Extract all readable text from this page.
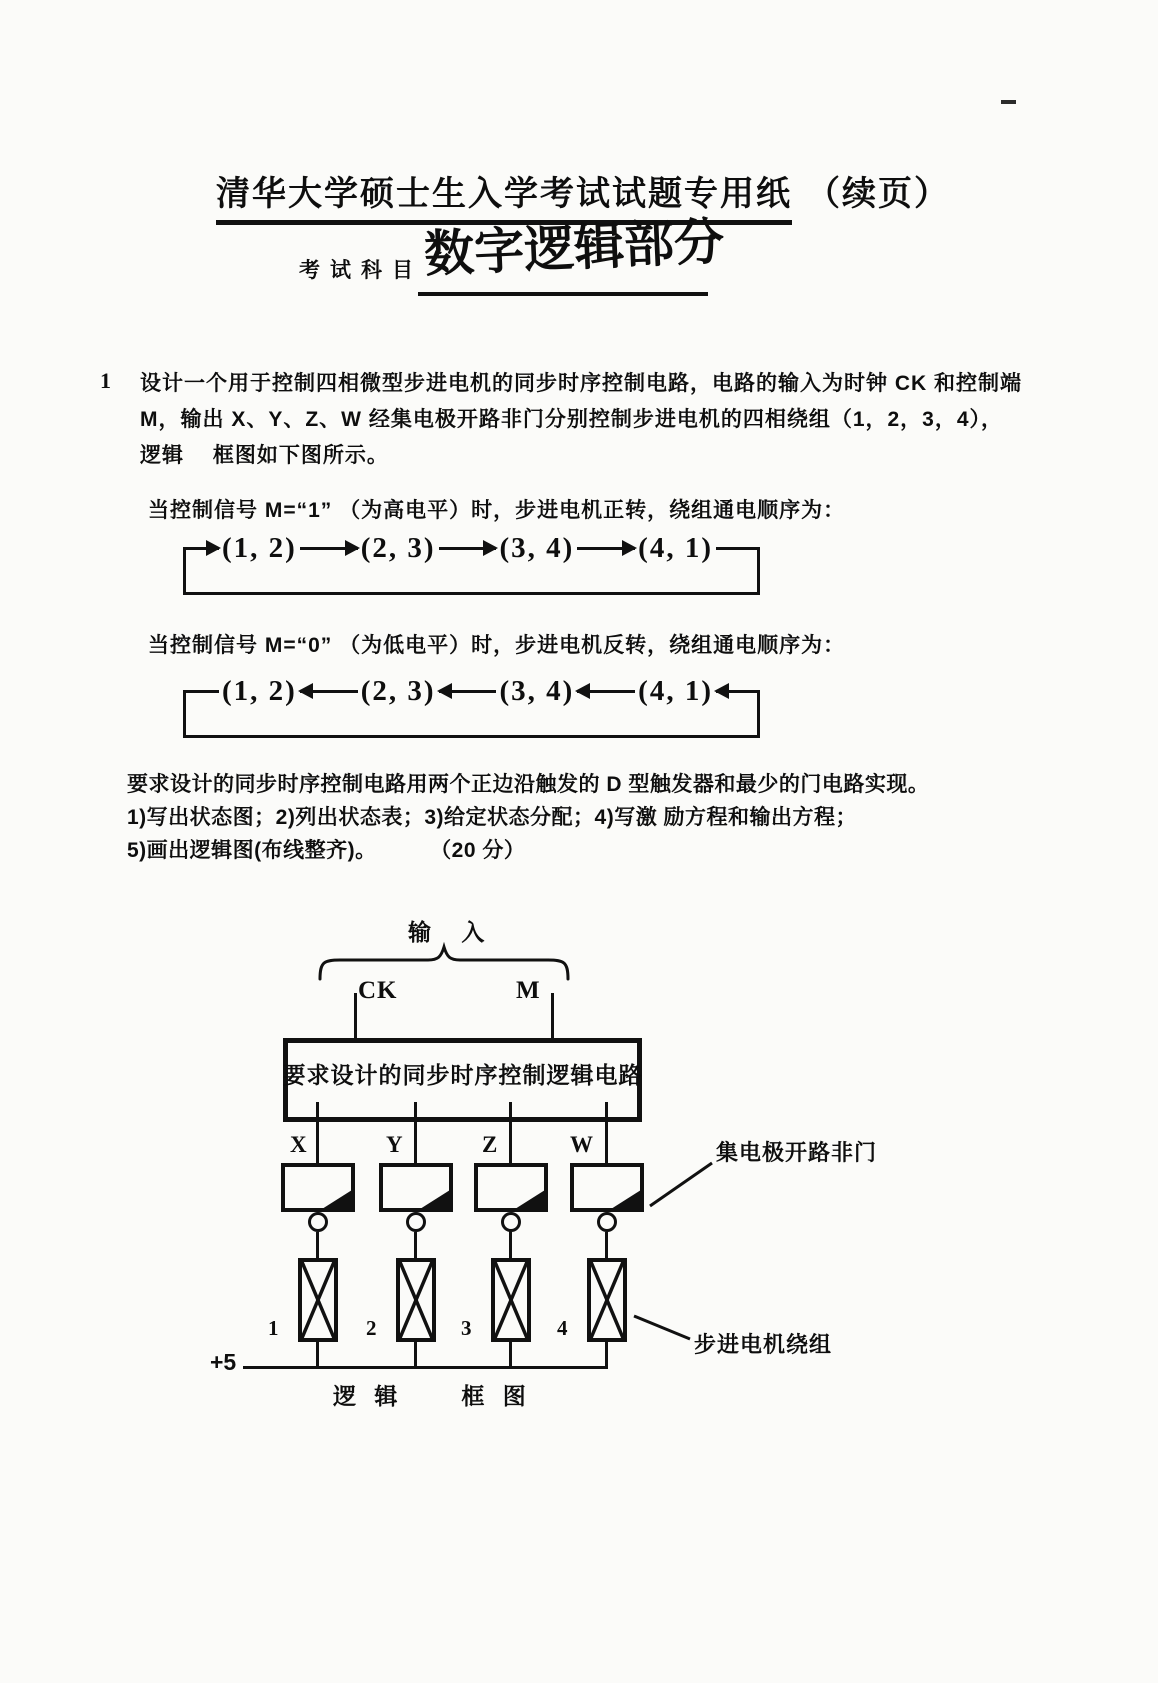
清华大学硕士生入学考试试题专用纸 （续页）
考试科目 数字逻辑部分
1 设计一个用于控制四相微型步进电机的同步时序控制电路，电路的输入为时钟 CK 和控制端
M，输出 X、Y、Z、W 经集电极开路非门分别控制步进电机的四相绕组（1，2，3，4），
逻辑　 框图如下图所示。
当控制信号 M=“1” （为高电平）时，步进电机正转，绕组通电顺序为：
(1, 2) (2, 3) (3, 4) (4, 1)
当控制信号 M=“0” （为低电平）时，步进电机反转，绕组通电顺序为：
(1, 2) (2, 3) (3, 4) (4, 1)
要求设计的同步时序控制电路用两个正边沿触发的 D 型触发器和最少的门电路实现。
1)写出状态图；2)列出状态表；3)给定状态分配；4)写激 励方程和输出方程；
5)画出逻辑图(布线整齐)。	（20 分）
输 入
CK	M
要求设计的同步时序控制逻辑电路
X	Y	Z	W
1	2	3	4
+5
集电极开路非门
步进电机绕组
逻 辑　　框 图
